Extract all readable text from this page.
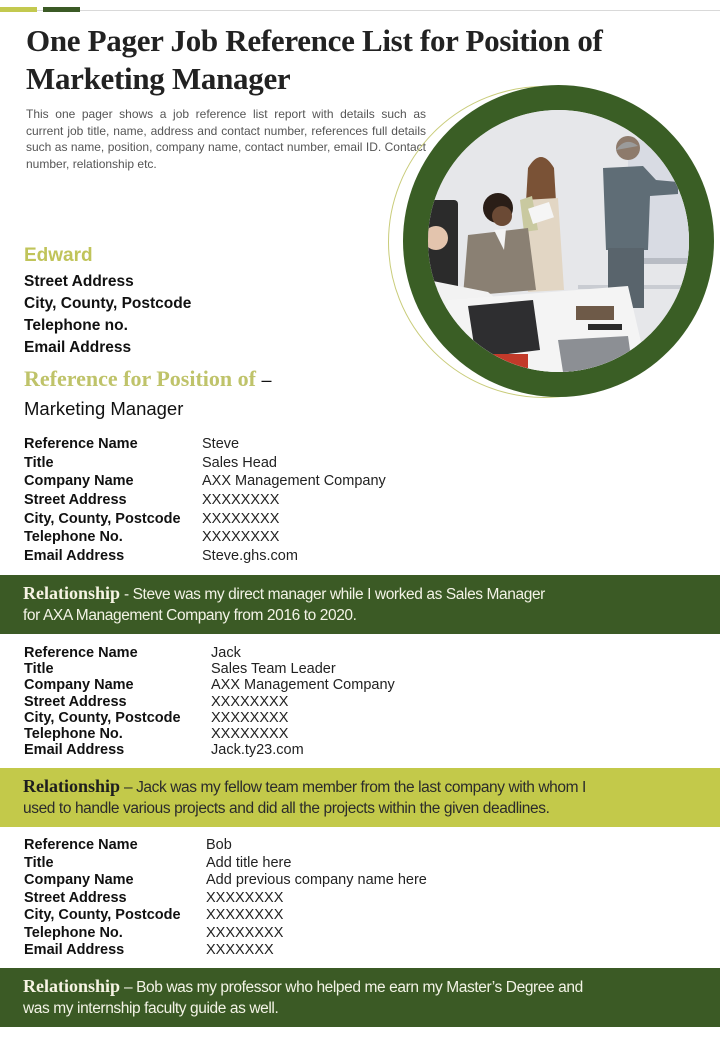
One Pager Job Reference List for Position of
Marketing Manager

This one pager shows a job reference list report with details such as current job title, name, address and contact number, references full details such as name, position, company name, contact number, email ID. Contact number, relationship etc.

Edward
Street Address
City, County, Postcode
Telephone no.
Email Address
Reference for Position of –
Marketing Manager
Reference Name	Steve
Title	Sales Head
Company Name	AXX Management Company
Street Address	XXXXXXXX
City, County, Postcode	XXXXXXXX
Telephone No.	XXXXXXXX
Email Address	Steve.ghs.com
Relationship - Steve was my direct manager while I worked as Sales Manager
for AXA Management Company from 2016 to 2020.
Reference Name	Jack
Title	Sales Team Leader
Company Name	AXX Management Company
Street Address	XXXXXXXX
City, County, Postcode	XXXXXXXX
Telephone No.	XXXXXXXX
Email Address	Jack.ty23.com
Relationship – Jack was my fellow team member from the last company with whom I
used to handle various projects and did all the projects within the given deadlines.
Reference Name	Bob
Title	Add title here
Company Name	Add previous company name here
Street Address	XXXXXXXX
City, County, Postcode	XXXXXXXX
Telephone No.	XXXXXXXX
Email Address	XXXXXXX
Relationship – Bob was my professor who helped me earn my Master’s Degree and
was my internship faculty guide as well.
